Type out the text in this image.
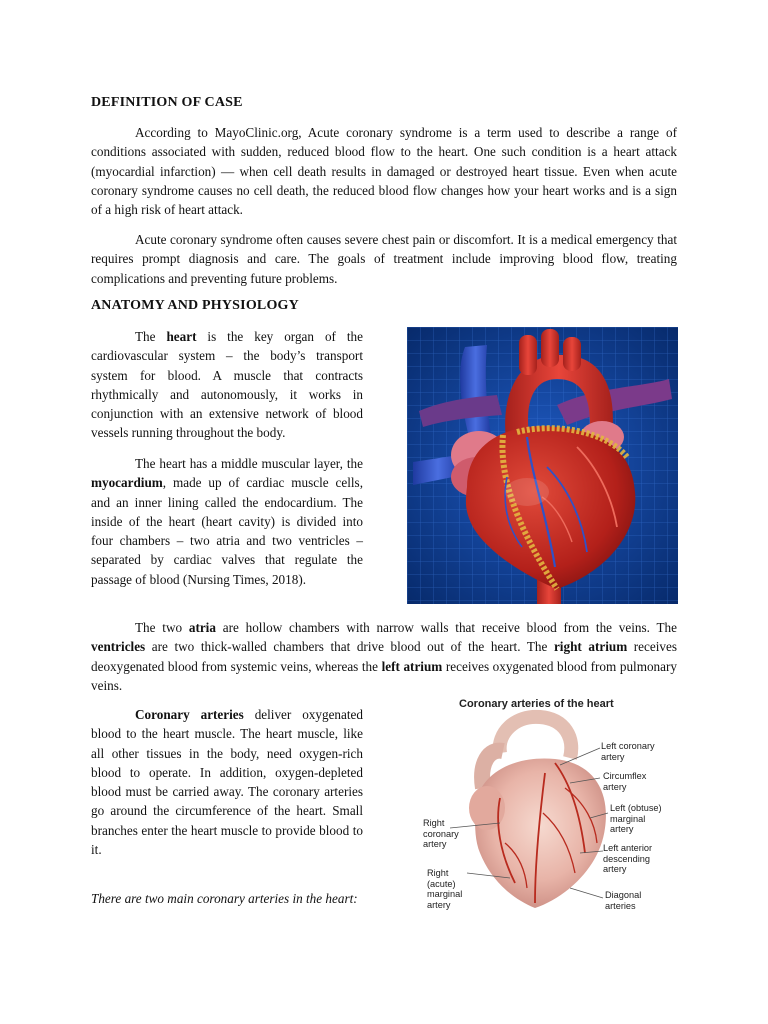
DEFINITION OF CASE

According to MayoClinic.org, Acute coronary syndrome is a term used to describe a range of conditions associated with sudden, reduced blood flow to the heart. One such condition is a heart attack (myocardial infarction) — when cell death results in damaged or destroyed heart tissue. Even when acute coronary syndrome causes no cell death, the reduced blood flow changes how your heart works and is a sign of a high risk of heart attack.

Acute coronary syndrome often causes severe chest pain or discomfort. It is a medical emergency that requires prompt diagnosis and care. The goals of treatment include improving blood flow, treating complications and preventing future problems.

ANATOMY AND PHYSIOLOGY

The heart is the key organ of the cardiovascular system – the body’s transport system for blood. A muscle that contracts rhythmically and autonomously, it works in conjunction with an extensive network of blood vessels running throughout the body.

The heart has a middle muscular layer, the myocardium, made up of cardiac muscle cells, and an inner lining called the endocardium. The inside of the heart (heart cavity) is divided into four chambers – two atria and two ventricles – separated by cardiac valves that regulate the passage of blood (Nursing Times, 2018).

The two atria are hollow chambers with narrow walls that receive blood from the veins. The ventricles are two thick-walled chambers that drive blood out of the heart. The right atrium receives deoxygenated blood from systemic veins, whereas the left atrium receives oxygenated blood from pulmonary veins.

Coronary arteries deliver oxygenated blood to the heart muscle. The heart muscle, like all other tissues in the body, need oxygen-rich blood to operate. In addition, oxygen-depleted blood must be carried away. The coronary arteries go around the circumference of the heart. Small branches enter the heart muscle to provide blood to it.

There are two main coronary arteries in the heart:

Coronary arteries of the heart

Left coronary
artery

Circumflex
artery

Left (obtuse)
marginal
artery

Right
coronary
artery	Left anterior
descending
artery

Right
(acute)
marginal
artery

Diagonal
arteries
